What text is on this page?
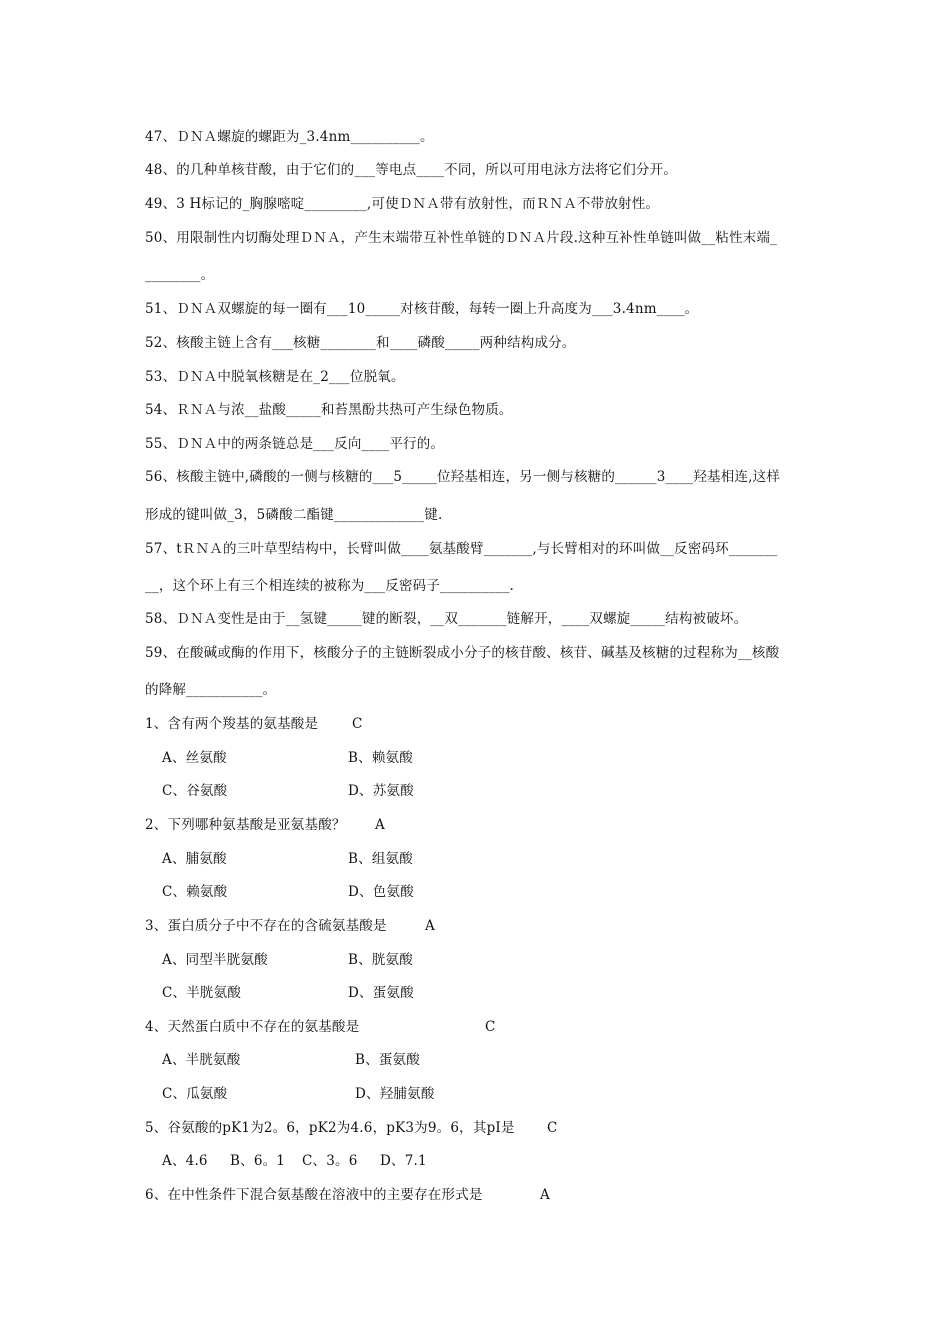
47、ＤＮＡ螺旋的螺距为_3.4nm__________。
48、的几种单核苷酸，由于它们的___等电点____不同，所以可用电泳方法将它们分开。
49、3 H标记的_胸腺嘧啶_________,可使ＤＮＡ带有放射性，而ＲＮＡ不带放射性。
50、用限制性内切酶处理ＤＮＡ，产生末端带互补性单链的ＤＮＡ片段.这种互补性单链叫做__粘性末端_
________。
51、ＤＮＡ双螺旋的每一圈有___10_____对核苷酸，每转一圈上升高度为___3.4nm____。
52、核酸主链上含有___核糖________和____磷酸_____两种结构成分。
53、ＤＮＡ中脱氧核糖是在_2___位脱氧。
54、ＲＮＡ与浓__盐酸_____和苔黑酚共热可产生绿色物质。
55、ＤＮＡ中的两条链总是___反向____平行的。
56、核酸主链中,磷酸的一侧与核糖的___5_____位羟基相连，另一侧与核糖的______3____羟基相连,这样
形成的键叫做_3，5磷酸二酯键_____________键.
57、tＲＮＡ的三叶草型结构中，长臂叫做____氨基酸臂_______,与长臂相对的环叫做__反密码环_______
__，这个环上有三个相连续的被称为___反密码子__________.
58、ＤＮＡ变性是由于__氢键_____键的断裂，__双_______链解开，____双螺旋_____结构被破坏。
59、在酸碱或酶的作用下，核酸分子的主链断裂成小分子的核苷酸、核苷、碱基及核糖的过程称为__核酸
的降解___________。
1、含有两个羧基的氨基酸是	C
A、丝氨酸	B、赖氨酸
C、谷氨酸	D、苏氨酸
2、下列哪种氨基酸是亚氨基酸？ A
A、脯氨酸	B、组氨酸
C、赖氨酸	D、色氨酸
3、蛋白质分子中不存在的含硫氨基酸是	A
A、同型半胱氨酸	B、胱氨酸
C、半胱氨酸	D、蛋氨酸
4、天然蛋白质中不存在的氨基酸是	C
A、半胱氨酸	B、蛋氨酸
C、瓜氨酸	D、羟脯氨酸
5、谷氨酸的pK1为2。6，pK2为4.6，pK3为9。6，其pI是 C
A、4.6 B、6。1 C、3。6 D、7.1
6、在中性条件下混合氨基酸在溶液中的主要存在形式是	A
